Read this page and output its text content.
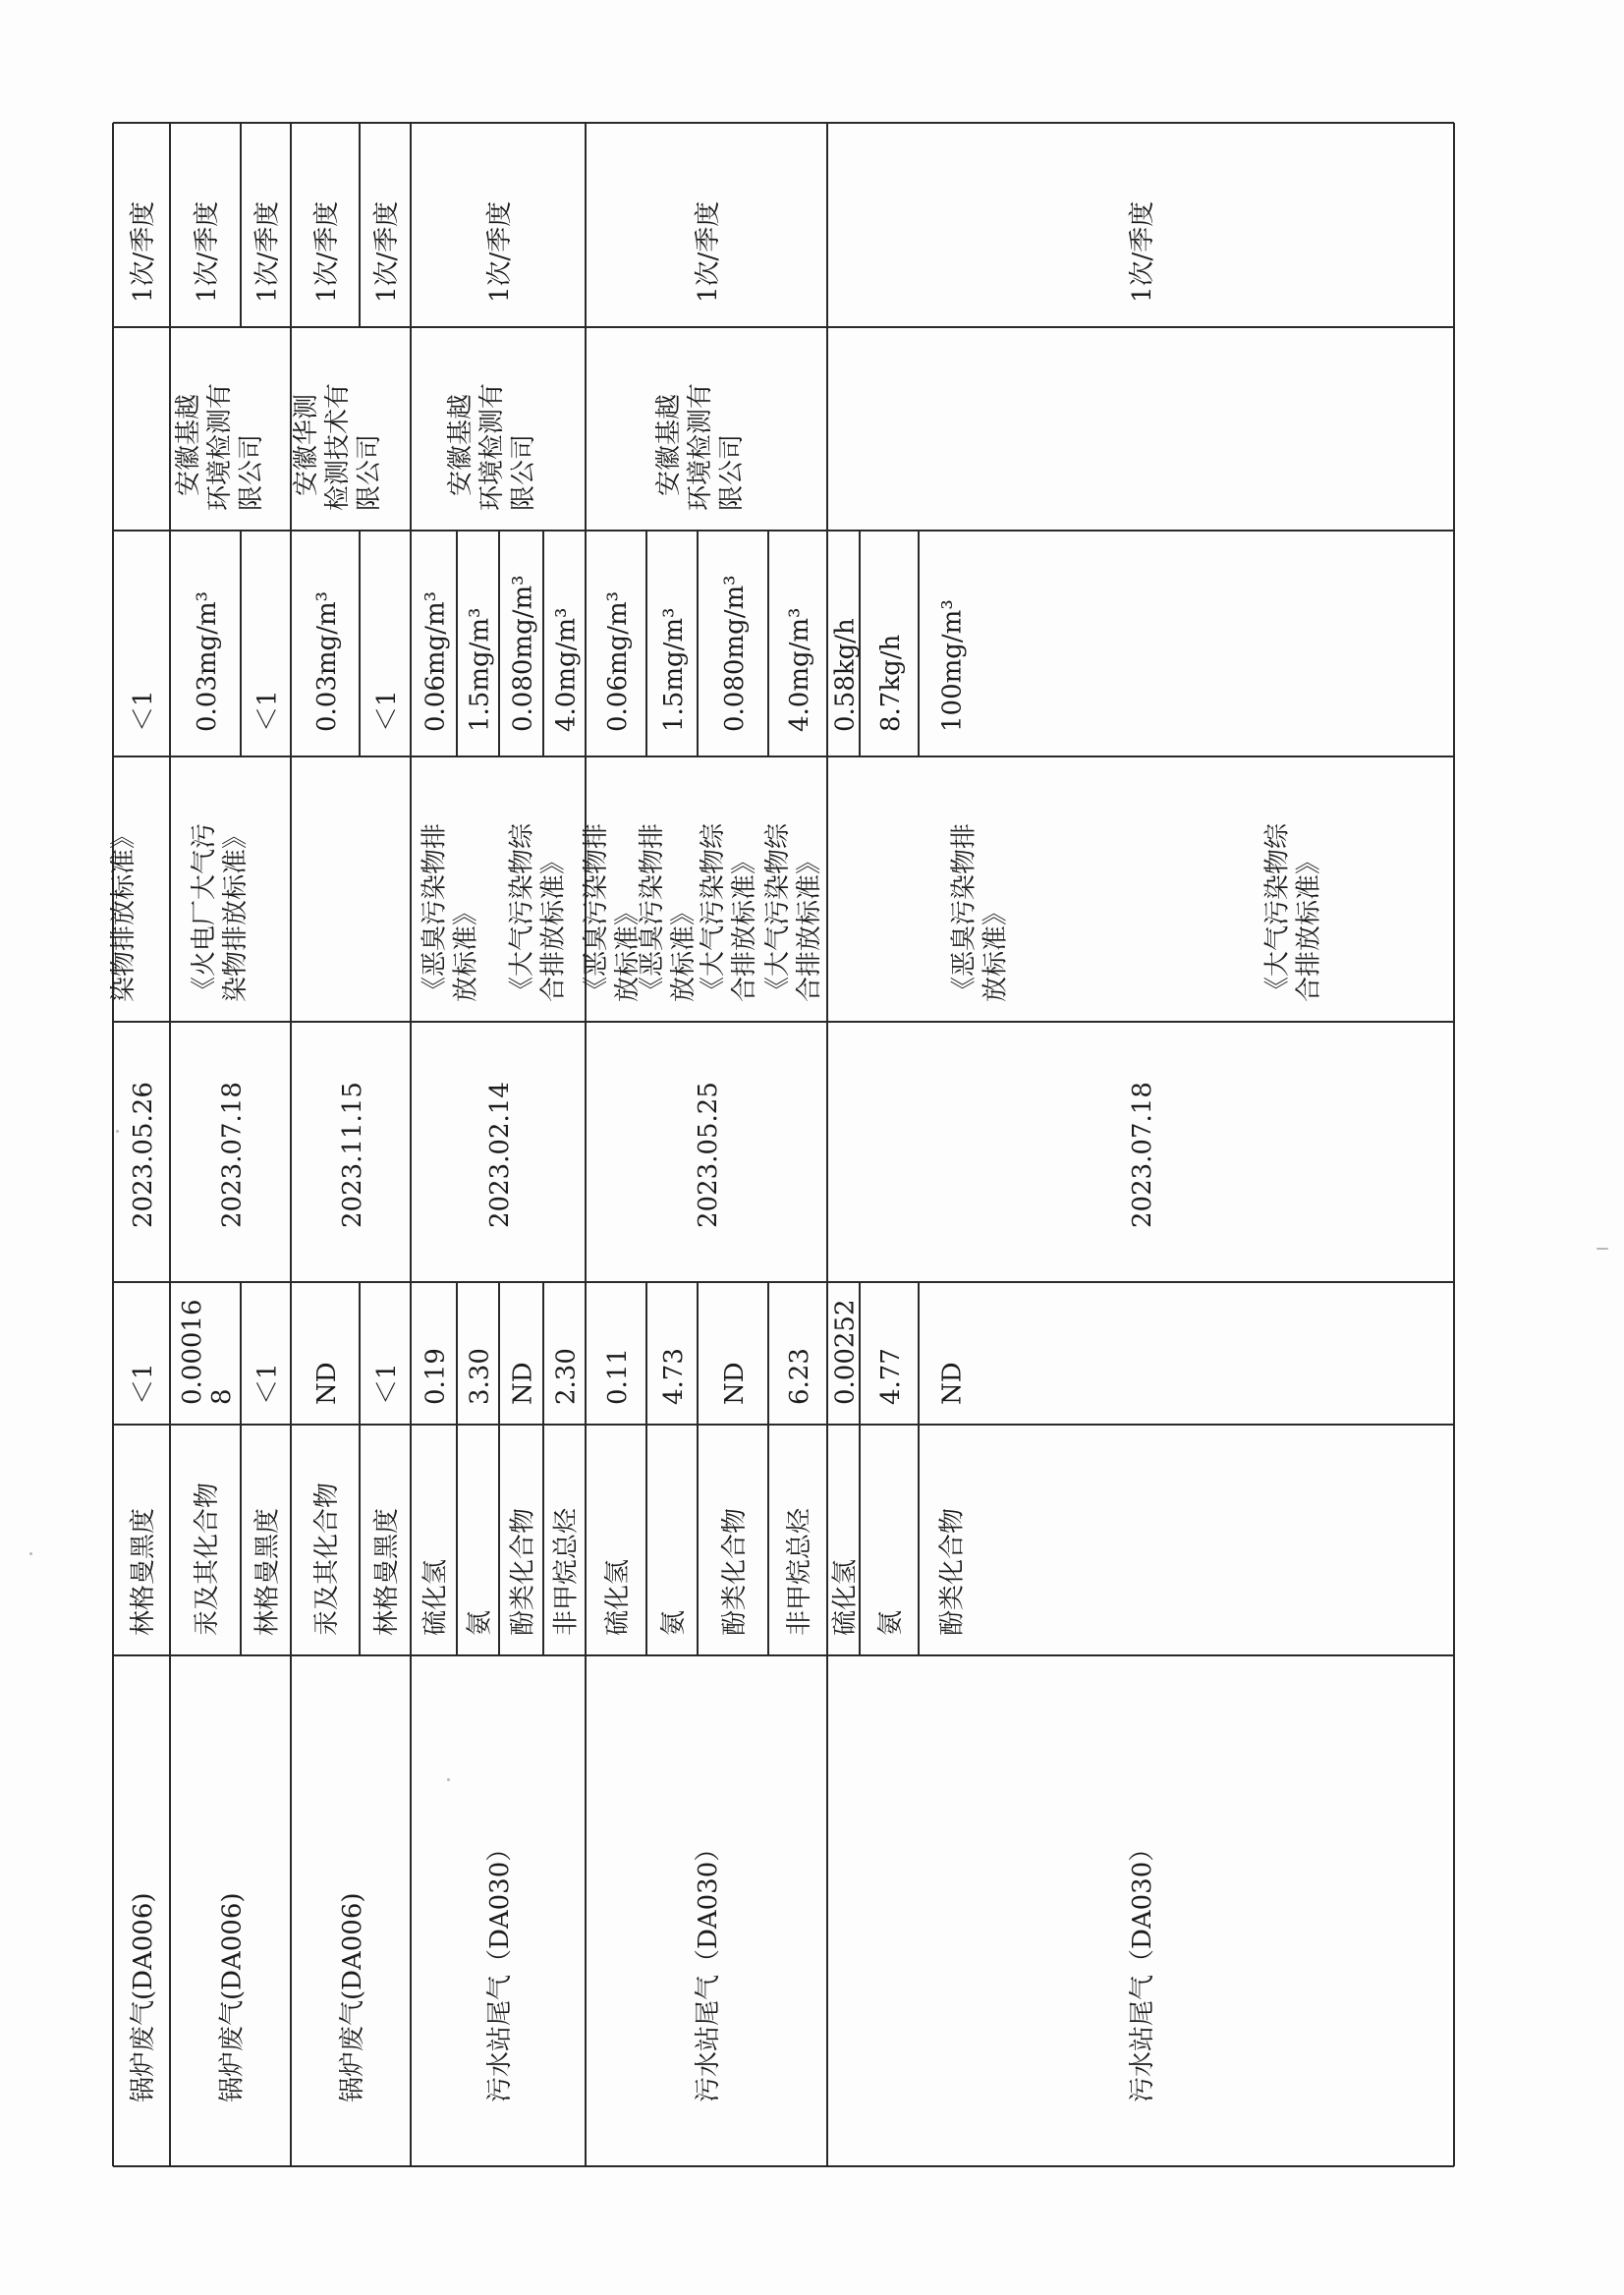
锅炉废气(DA006)
2023.05.26
林格曼黑度
＜1
＜1
染物排放标准》
1次/季度
锅炉废气(DA006)
2023.07.18
汞及其化合物
0.00016 8
0.03mg/m³
林格曼黑度
＜1
＜1
《火电厂大气污 染物排放标准》
安徽基越 环境检测有 限公司
1次/季度 1次/季度
锅炉废气(DA006)
2023.11.15
汞及其化合物
ND
0.03mg/m³
林格曼黑度
＜1
＜1
安徽华测 检测技术有 限公司
1次/季度 1次/季度
污水站尾气（DA030）
2023.02.14
硫化氢
0.19
0.06mg/m³
氨
3.30
1.5mg/m³
酚类化合物
ND
0.080mg/m³
非甲烷总烃
2.30
4.0mg/m³
《恶臭污染物排 放标准》 《大气污染物综 合排放标准》
安徽基越 环境检测有 限公司
1次/季度
污水站尾气（DA030）
2023.05.25
硫化氢
0.11
0.06mg/m³
氨
4.73
1.5mg/m³
酚类化合物
ND
0.080mg/m³
非甲烷总烃
6.23
4.0mg/m³
《恶臭污染物排 放标准》
《恶臭污染物排 放标准》 《大气污染物综 合排放标准》 《大气污染物综 合排放标准》
安徽基越 环境检测有 限公司
1次/季度
污水站尾气（DA030）
2023.07.18
硫化氢
0.00252
0.58kg/h
氨
4.77
8.7kg/h
酚类化合物
ND
100mg/m³
《恶臭污染物排 放标准》	《大气污染物综 合排放标准》
1次/季度
